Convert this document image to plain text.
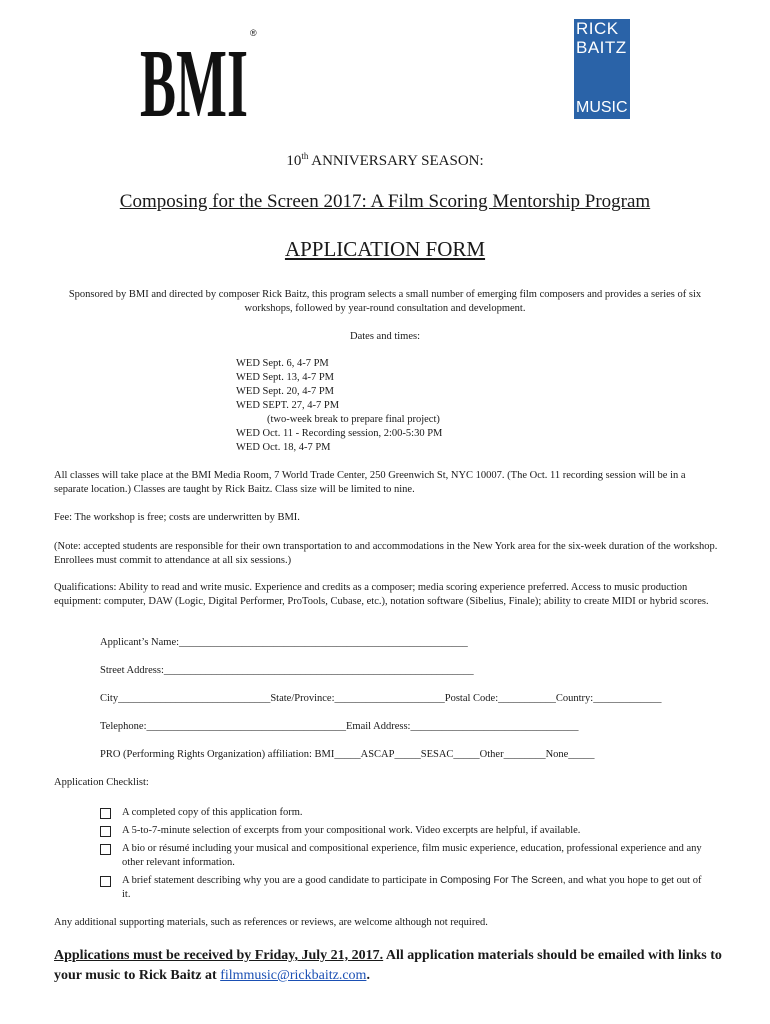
BMI ®	RICK
BAITZ
MUSIC
10th ANNIVERSARY SEASON:
Composing for the Screen 2017: A Film Scoring Mentorship Program
APPLICATION FORM
Sponsored by BMI and directed by composer Rick Baitz, this program selects a small number of emerging film composers and provides a series of six workshops, followed by year-round consultation and development.
Dates and times:
WED Sept. 6, 4-7 PM
WED Sept. 13, 4-7 PM
WED Sept. 20, 4-7 PM
WED SEPT. 27, 4-7 PM
(two-week break to prepare final project)
WED Oct. 11 - Recording session, 2:00-5:30 PM
WED Oct. 18, 4-7 PM
All classes will take place at the BMI Media Room, 7 World Trade Center, 250 Greenwich St, NYC 10007. (The Oct. 11 recording session will be in a separate location.) Classes are taught by Rick Baitz. Class size will be limited to nine.
Fee: The workshop is free; costs are underwritten by BMI.
(Note: accepted students are responsible for their own transportation to and accommodations in the New York area for the six-week duration of the workshop. Enrollees must commit to attendance at all six sessions.)
Qualifications: Ability to read and write music. Experience and credits as a composer; media scoring experience preferred. Access to music production equipment: computer, DAW (Logic, Digital Performer, ProTools, Cubase, etc.), notation software (Sibelius, Finale); ability to create MIDI or hybrid scores.
Applicant’s Name:_______________________________________________________
Street Address:___________________________________________________________
City_____________________________State/Province:_____________________Postal Code:___________Country:_____________
Telephone:______________________________________Email Address:________________________________
PRO (Performing Rights Organization) affiliation: BMI_____ASCAP_____SESAC_____Other________None_____
Application Checklist:
A completed copy of this application form.
A 5-to-7-minute selection of excerpts from your compositional work. Video excerpts are helpful, if available.
A bio or résumé including your musical and compositional experience, film music experience, education, professional experience and any other relevant information.
A brief statement describing why you are a good candidate to participate in Composing For The Screen, and what you hope to get out of it.
Any additional supporting materials, such as references or reviews, are welcome although not required.
Applications must be received by Friday, July 21, 2017. All application materials should be emailed with links to your music to Rick Baitz at filmmusic@rickbaitz.com.
